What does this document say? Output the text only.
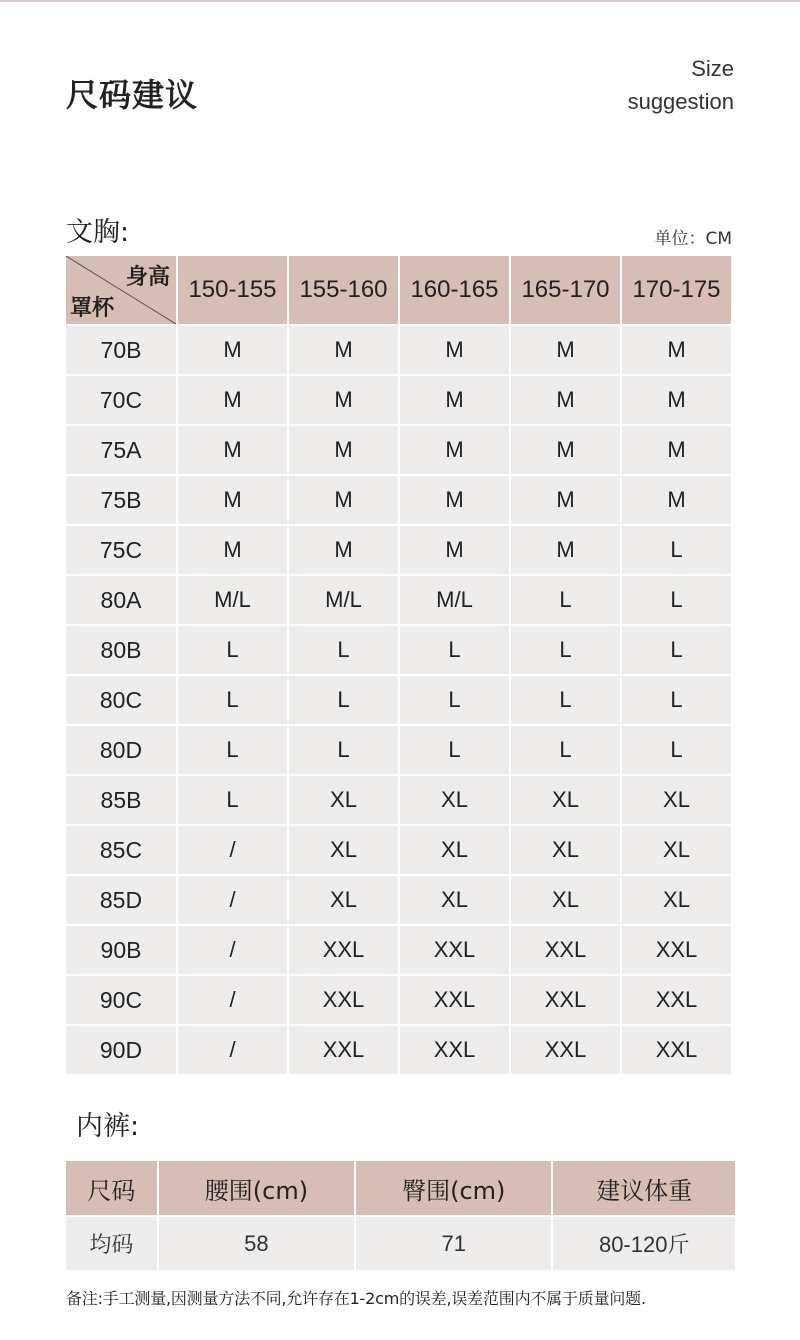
尺码建议
Size
suggestion
文胸:	单位：CM
身高
罩杯	150-155	155-160	160-165	165-170	170-175
70B	M	M	M	M	M
70C	M	M	M	M	M
75A	M	M	M	M	M
75B	M	M	M	M	M
75C	M	M	M	M	L
80A	M/L	M/L	M/L	L	L
80B	L	L	L	L	L
80C	L	L	L	L	L
80D	L	L	L	L	L
85B	L	XL	XL	XL	XL
85C	/	XL	XL	XL	XL
85D	/	XL	XL	XL	XL
90B	/	XXL	XXL	XXL	XXL
90C	/	XXL	XXL	XXL	XXL
90D	/	XXL	XXL	XXL	XXL
内裤:
尺码	腰围(cm)	臀围(cm)	建议体重
均码	58	71	80-120斤
备注:手工测量,因测量方法不同,允许存在1-2cm的误差,误差范围内不属于质量问题.
